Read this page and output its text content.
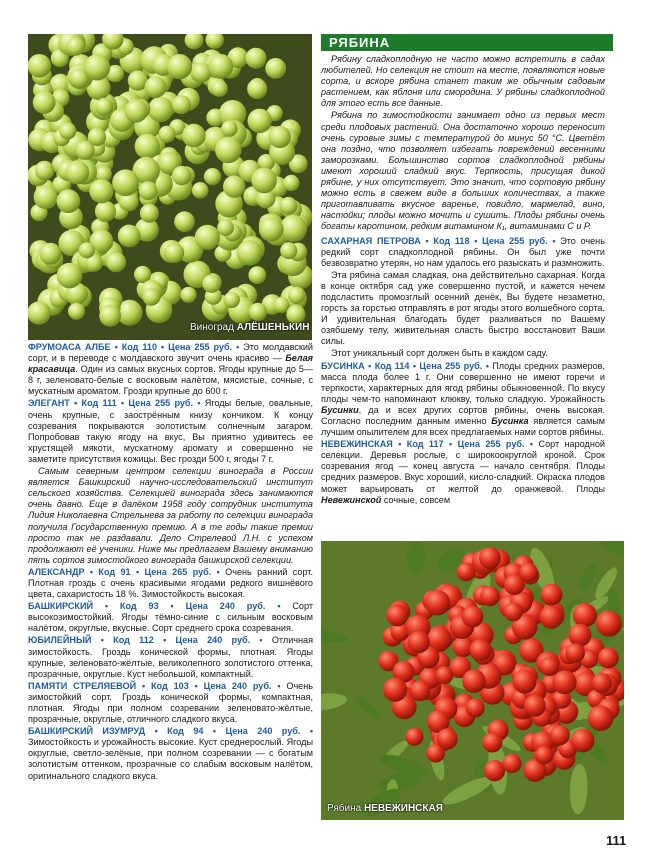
Виноград АЛЁШЕНЬКИН

ФРУМОАСА АЛБЕ • Код 110 • Цена 255 руб. • Это молдавский сорт, и в переводе с молдавского звучит очень красиво — Белая красавица. Один из самых вкусных сортов. Ягоды крупные до 5—8 г, зеленовато-белые с восковым налётом, мясистые, сочные, с мускатным ароматом. Грозди крупные до 600 г.

ЭЛЕГАНТ • Код 111 • Цена 255 руб. • Ягоды белые, овальные, очень крупные, с заострённым книзу кончиком. К концу созревания покрываются золотистым солнечным загаром. Попробовав такую ягоду на вкус, Вы приятно удивитесь ее хрустящей мякоти, мускатному аромату и совершенно не заметите присутствия кожицы. Вес грозди 500 г, ягоды 7 г.

Самым северным центром селекции винограда в России является Башкирский научно-исследовательский институт сельского хозяйства. Селекцией винограда здесь занимаются очень давно. Еще в далёком 1958 году сотрудник института Лидия Николаевна Стрельнева за работу по селекции винограда получила Государственную премию. А в те годы такие премии просто так не раздавали. Дело Стрелевой Л.Н. с успехом продолжают её ученики. Ниже мы предлагаем Вашему вниманию пять сортов зимостойкого винограда башкирской селекции.

АЛЕКСАНДР • Код 91 • Цена 265 руб. • Очень ранний сорт. Плотная гроздь с очень красивыми ягодами редкого вишнёвого цвета, сахаристость 18 %. Зимостойкость высокая.

БАШКИРСКИЙ • Код 93 • Цена 240 руб. • Сорт высокозимостойкий. Ягоды тёмно-синие с сильным восковым налётом, округлые, вкусные. Сорт среднего срока созревания.

ЮБИЛЕЙНЫЙ • Код 112 • Цена 240 руб. • Отличная зимостойкость. Гроздь конической формы, плотная. Ягоды крупные, зеленовато-жёлтые, великолепного золотистого оттенка, прозрачные, округлые. Куст небольшой, компактный.

ПАМЯТИ СТРЕЛЯЕВОЙ • Код 103 • Цена 240 руб. • Очень зимостойкий сорт. Гроздь конической формы, компактная, плотная. Ягоды при полном созревании зеленовато-жёлтые, прозрачные, округлые, отличного сладкого вкуса.

БАШКИРСКИЙ ИЗУМРУД • Код 94 • Цена 240 руб. • Зимостойкость и урожайность высокие. Куст среднерослый. Ягоды округлые, светло-зелёные, при полном созревании — с богатым золотистым оттенком, прозрачные со слабым восковым налётом, оригинального сладкого вкуса.

РЯБИНА

Рябину сладкоплодную не часто можно встретить в садах любителей. Но селекция не стоит на месте, появляются новые сорта, и вскоре рябина станет таким же обычным садовым растением, как яблоня или смородина. У рябины сладкоплодной для этого есть все данные.

Рябина по зимостойкости занимает одно из первых мест среди плодовых растений. Она достаточно хорошо переносит очень суровые зимы с температурой до минус 50 °С. Цветёт она поздно, что позволяет избегать повреждений весенними заморозками. Большинство сортов сладкоплодной рябины имеют хороший сладкий вкус. Терпкость, присущая дикой рябине, у них отсутствует. Это значит, что сортовую рябину можно есть в свежем виде в больших количествах, а также приготавливать вкусное варенье, повидло, мармелад, вино, настойки; плоды можно мочить и сушить. Плоды рябины очень богаты каротином, редким витамином К₁, витаминами С и Р.

САХАРНАЯ ПЕТРОВА • Код 118 • Цена 255 руб. • Это очень редкий сорт сладкоплодной рябины. Он был уже почти безвозвратно утерян, но нам удалось его разыскать и размножить.

Эта рябина самая сладкая, она действительно сахарная. Когда в конце октября сад уже совершенно пустой, и кажется нечем подсластить промозглый осенний денёк, Вы будете незаметно, горсть за горстью отправлять в рот ягоды этого волшебного сорта. И удивительная благодать будет разливаться по Вашему озябшему телу, живительная сласть быстро восстановит Ваши силы.

Этот уникальный сорт должен быть в каждом саду.

БУСИНКА • Код 114 • Цена 255 руб. • Плоды средних размеров, масса плода более 1 г. Они совершенно не имеют горечи и терпкости, характерных для ягод рябины обыкновенной. По вкусу плоды чем-то напоминают клюкву, только сладкую. Урожайность Бусинки, да и всех других сортов рябины, очень высокая. Согласно последним данным именно Бусинка является самым лучшим опылителем для всех предлагаемых нами сортов рябины.

НЕВЕЖИНСКАЯ • Код 117 • Цена 255 руб. • Сорт народной селекции. Деревья рослые, с широкоокруглой кроной. Срок созревания ягод — конец августа — начало сентября. Плоды средних размеров. Вкус хороший, кисло-сладкий. Окраска плодов может варьировать от желтой до оранжевой. Плоды Невежинской сочные, совсем

Рябина НЕВЕЖИНСКАЯ
111
